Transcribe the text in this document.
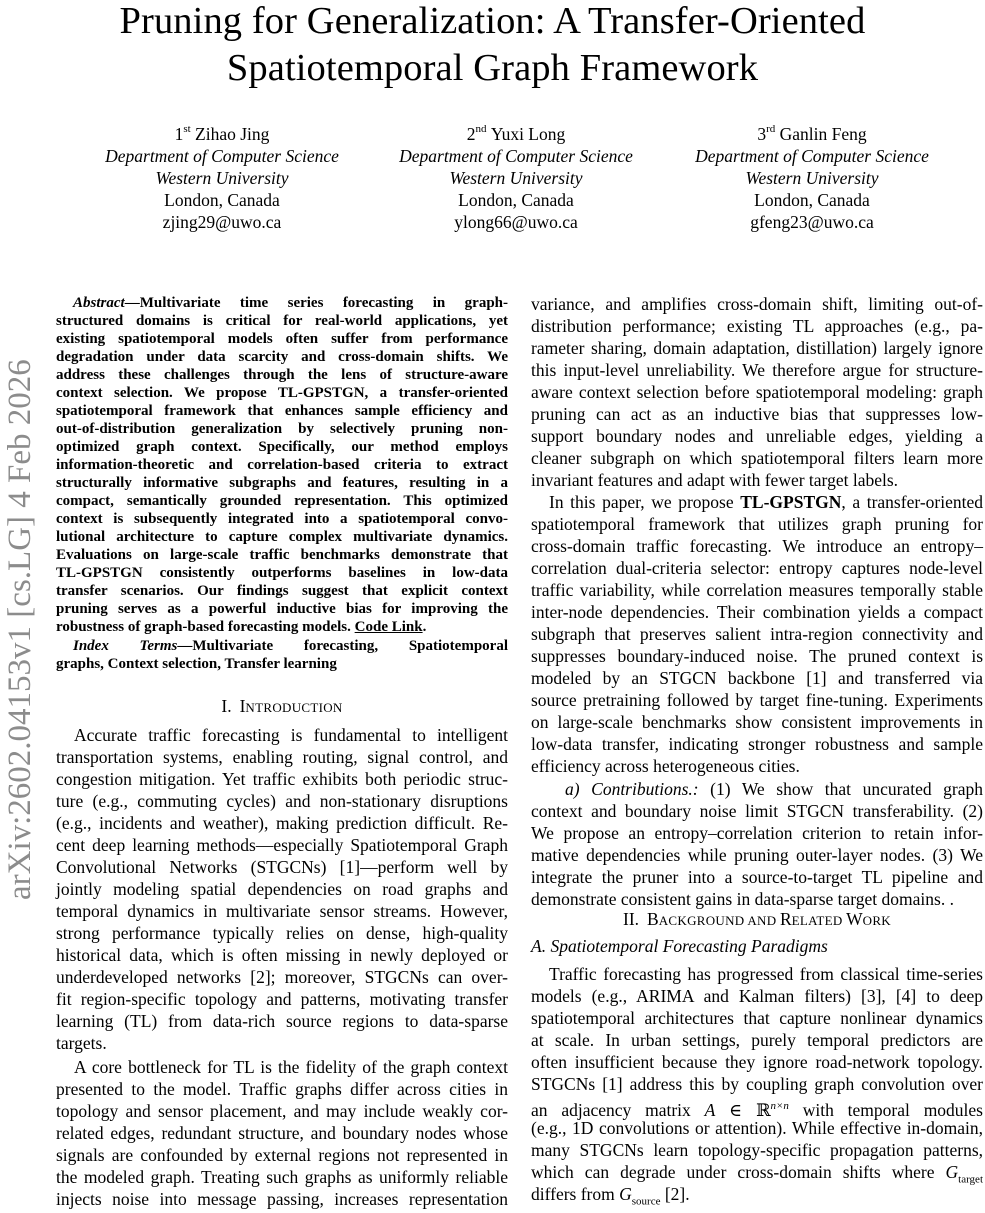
Pruning for Generalization: A Transfer-Oriented
Spatiotemporal Graph Framework
1st Zihao Jing
Department of Computer Science
Western University
London, Canada
zjing29@uwo.ca
2nd Yuxi Long
Department of Computer Science
Western University
London, Canada
ylong66@uwo.ca
3rd Ganlin Feng
Department of Computer Science
Western University
London, Canada
gfeng23@uwo.ca
arXiv:2602.04153v1 [cs.LG] 4 Feb 2026
Abstract—Multivariate time series forecasting in graph-
structured domains is critical for real-world applications, yet
existing spatiotemporal models often suffer from performance
degradation under data scarcity and cross-domain shifts. We
address these challenges through the lens of structure-aware
context selection. We propose TL-GPSTGN, a transfer-oriented
spatiotemporal framework that enhances sample efficiency and
out-of-distribution generalization by selectively pruning non-
optimized graph context. Specifically, our method employs
information-theoretic and correlation-based criteria to extract
structurally informative subgraphs and features, resulting in a
compact, semantically grounded representation. This optimized
context is subsequently integrated into a spatiotemporal convo-
lutional architecture to capture complex multivariate dynamics.
Evaluations on large-scale traffic benchmarks demonstrate that
TL-GPSTGN consistently outperforms baselines in low-data
transfer scenarios. Our findings suggest that explicit context
pruning serves as a powerful inductive bias for improving the
robustness of graph-based forecasting models. Code Link.
Index Terms—Multivariate forecasting, Spatiotemporal
graphs, Context selection, Transfer learning
I. INTRODUCTION
Accurate traffic forecasting is fundamental to intelligent
transportation systems, enabling routing, signal control, and
congestion mitigation. Yet traffic exhibits both periodic struc-
ture (e.g., commuting cycles) and non-stationary disruptions
(e.g., incidents and weather), making prediction difficult. Re-
cent deep learning methods—especially Spatiotemporal Graph
Convolutional Networks (STGCNs) [1]—perform well by
jointly modeling spatial dependencies on road graphs and
temporal dynamics in multivariate sensor streams. However,
strong performance typically relies on dense, high-quality
historical data, which is often missing in newly deployed or
underdeveloped networks [2]; moreover, STGCNs can over-
fit region-specific topology and patterns, motivating transfer
learning (TL) from data-rich source regions to data-sparse
targets.
A core bottleneck for TL is the fidelity of the graph context
presented to the model. Traffic graphs differ across cities in
topology and sensor placement, and may include weakly cor-
related edges, redundant structure, and boundary nodes whose
signals are confounded by external regions not represented in
the modeled graph. Treating such graphs as uniformly reliable
injects noise into message passing, increases representation
variance, and amplifies cross-domain shift, limiting out-of-
distribution performance; existing TL approaches (e.g., pa-
rameter sharing, domain adaptation, distillation) largely ignore
this input-level unreliability. We therefore argue for structure-
aware context selection before spatiotemporal modeling: graph
pruning can act as an inductive bias that suppresses low-
support boundary nodes and unreliable edges, yielding a
cleaner subgraph on which spatiotemporal filters learn more
invariant features and adapt with fewer target labels.
In this paper, we propose TL-GPSTGN, a transfer-oriented
spatiotemporal framework that utilizes graph pruning for
cross-domain traffic forecasting. We introduce an entropy–
correlation dual-criteria selector: entropy captures node-level
traffic variability, while correlation measures temporally stable
inter-node dependencies. Their combination yields a compact
subgraph that preserves salient intra-region connectivity and
suppresses boundary-induced noise. The pruned context is
modeled by an STGCN backbone [1] and transferred via
source pretraining followed by target fine-tuning. Experiments
on large-scale benchmarks show consistent improvements in
low-data transfer, indicating stronger robustness and sample
efficiency across heterogeneous cities.
a) Contributions.: (1) We show that uncurated graph
context and boundary noise limit STGCN transferability. (2)
We propose an entropy–correlation criterion to retain infor-
mative dependencies while pruning outer-layer nodes. (3) We
integrate the pruner into a source-to-target TL pipeline and
demonstrate consistent gains in data-sparse target domains. .
II. BACKGROUND AND RELATED WORK
A. Spatiotemporal Forecasting Paradigms
Traffic forecasting has progressed from classical time-series
models (e.g., ARIMA and Kalman filters) [3], [4] to deep
spatiotemporal architectures that capture nonlinear dynamics
at scale. In urban settings, purely temporal predictors are
often insufficient because they ignore road-network topology.
STGCNs [1] address this by coupling graph convolution over
an adjacency matrix A ∈ ℝ$^{n\times n}$ with temporal modules
(e.g., 1D convolutions or attention). While effective in-domain,
many STGCNs learn topology-specific propagation patterns,
which can degrade under cross-domain shifts where $G_{target}$
differs from $G_{source}$ [2].
